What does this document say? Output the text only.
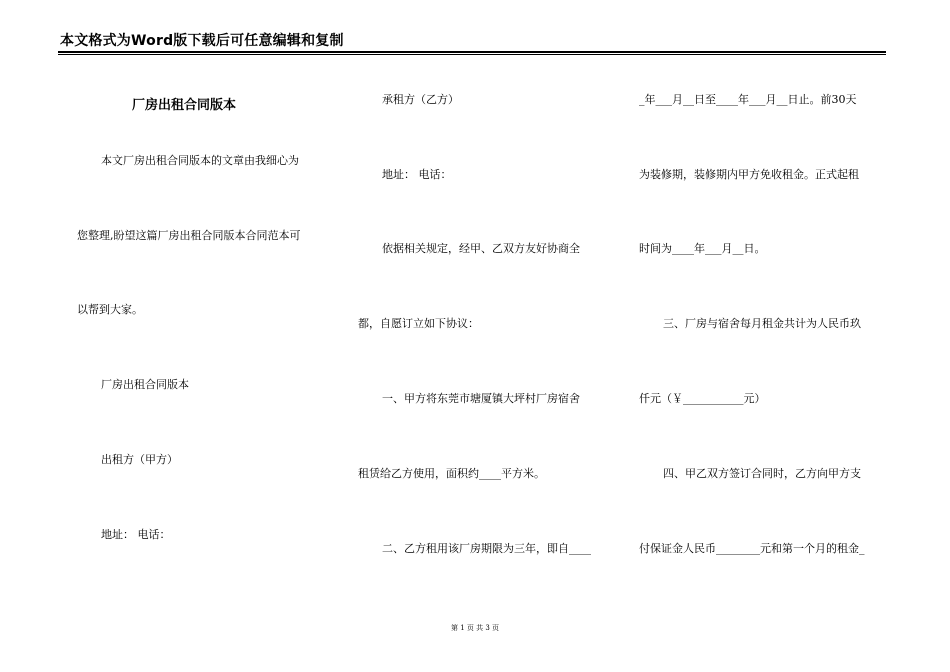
本文格式为Word版下载后可任意编辑和复制
厂房出租合同版本
本文厂房出租合同版本的文章由我细心为
您整理,盼望这篇厂房出租合同版本合同范本可
以帮到大家。
厂房出租合同版本
出租方（甲方）
地址： 电话：
承租方（乙方）
地址： 电话：
依据相关规定，经甲、乙双方友好协商全
都，自愿订立如下协议：
一、甲方将东莞市塘厦镇大坪村厂房宿舍
租赁给乙方使用，面积约____平方米。
二、乙方租用该厂房期限为三年，即自____
_年___月__日至____年___月__日止。前30天
为装修期，装修期内甲方免收租金。正式起租
时间为____年___月__日。
三、厂房与宿舍每月租金共计为人民币玖
仟元（￥___________元）
四、甲乙双方签订合同时，乙方向甲方支
付保证金人民币________元和第一个月的租金_
第 1 页 共 3 页
